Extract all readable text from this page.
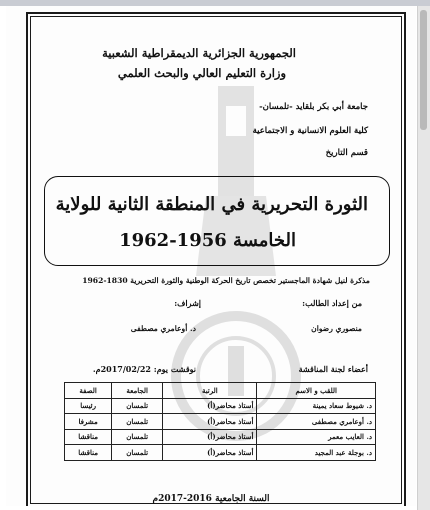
الجمهورية الجزائرية الديمقراطية الشعبية
وزارة التعليم العالي والبحث العلمي
جامعة أبي بكر بلقايد -تلمسان-
كلية العلوم الانسانية و الاجتماعية
قسم التاريخ
الثورة التحريرية في المنطقة الثانية للولاية
الخامسة 1956-1962
مذكرة لنيل شهادة الماجستير تخصص تاريخ الحركة الوطنية والثورة التحريرية 1830-1962
من إعداد الطالب:
إشراف:
منصوري رضوان
د. أوعامري مصطفى
أعضاء لجنة المناقشة
نوقشت يوم: 2017/02/22م.
اللقب و الاسم	الرتبة	الجامعة	الصفة
د. شيوط سعاد يمينة	أستاذ محاضر(أ)	تلمسان	رئيسا
د. أوعامري مصطفى	أستاذ محاضر(أ)	تلمسان	مشرفا
د. العايب معمر	أستاذ محاضر(أ)	تلمسان	مناقشا
د. بوجلة عبد المجيد	أستاذ محاضر(أ)	تلمسان	مناقشا
السنة الجامعية 2016-2017م
